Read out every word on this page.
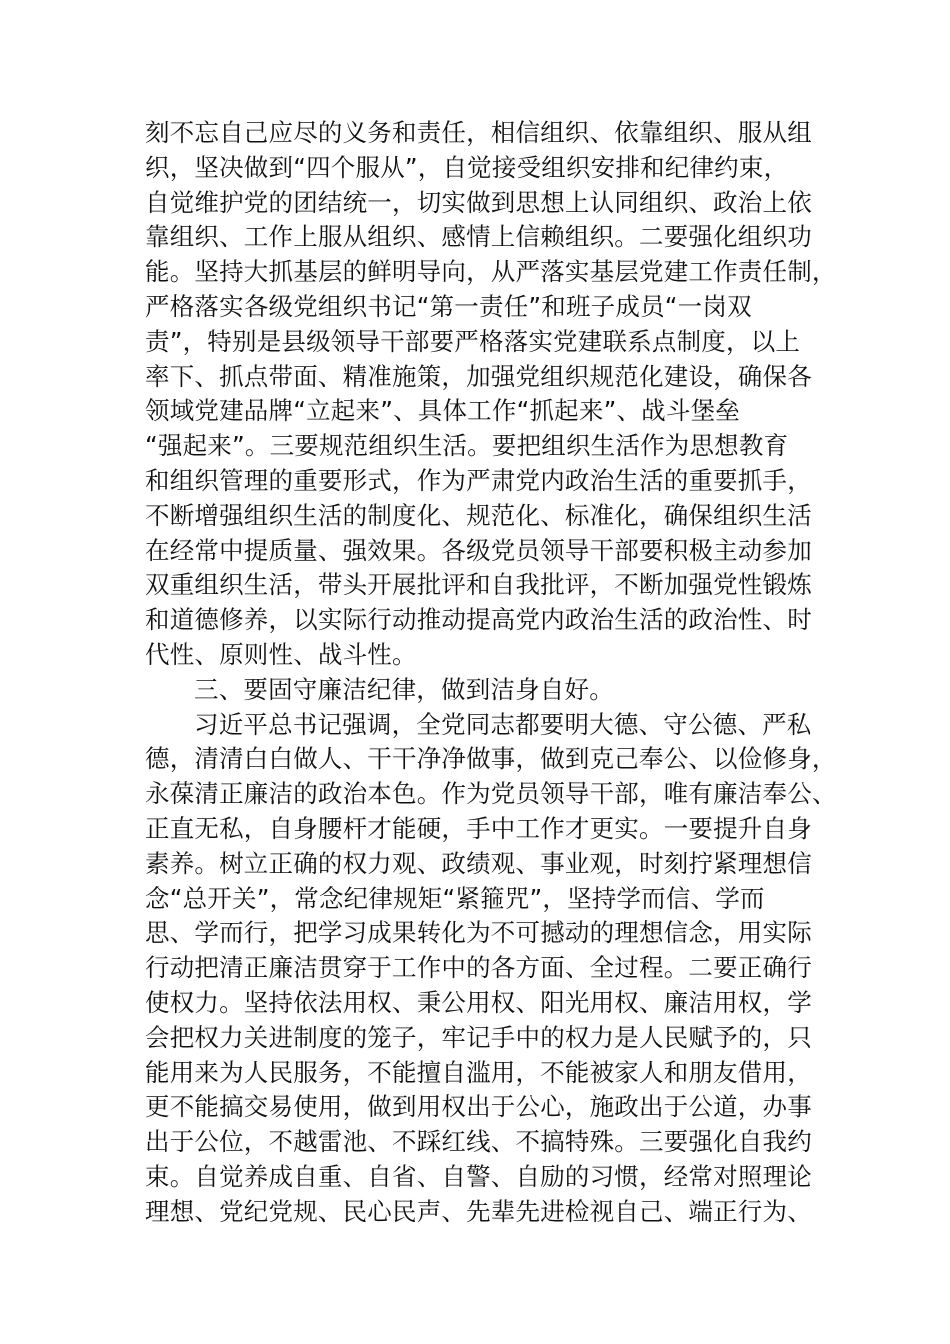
刻不忘自己应尽的义务和责任，相信组织、依靠组织、服从组
织，坚决做到“四个服从”，自觉接受组织安排和纪律约束，
自觉维护党的团结统一，切实做到思想上认同组织、政治上依
靠组织、工作上服从组织、感情上信赖组织。二要强化组织功
能。坚持大抓基层的鲜明导向，从严落实基层党建工作责任制，
严格落实各级党组织书记“第一责任”和班子成员“一岗双
责”，特别是县级领导干部要严格落实党建联系点制度，以上
率下、抓点带面、精准施策，加强党组织规范化建设，确保各
领域党建品牌“立起来”、具体工作“抓起来”、战斗堡垒
“强起来”。三要规范组织生活。要把组织生活作为思想教育
和组织管理的重要形式，作为严肃党内政治生活的重要抓手，
不断增强组织生活的制度化、规范化、标准化，确保组织生活
在经常中提质量、强效果。各级党员领导干部要积极主动参加
双重组织生活，带头开展批评和自我批评，不断加强党性锻炼
和道德修养，以实际行动推动提高党内政治生活的政治性、时
代性、原则性、战斗性。
三、要固守廉洁纪律，做到洁身自好。
习近平总书记强调，全党同志都要明大德、守公德、严私
德，清清白白做人、干干净净做事，做到克己奉公、以俭修身，
永葆清正廉洁的政治本色。作为党员领导干部，唯有廉洁奉公、
正直无私，自身腰杆才能硬，手中工作才更实。一要提升自身
素养。树立正确的权力观、政绩观、事业观，时刻拧紧理想信
念“总开关”，常念纪律规矩“紧箍咒”，坚持学而信、学而
思、学而行，把学习成果转化为不可撼动的理想信念，用实际
行动把清正廉洁贯穿于工作中的各方面、全过程。二要正确行
使权力。坚持依法用权、秉公用权、阳光用权、廉洁用权，学
会把权力关进制度的笼子，牢记手中的权力是人民赋予的，只
能用来为人民服务，不能擅自滥用，不能被家人和朋友借用，
更不能搞交易使用，做到用权出于公心，施政出于公道，办事
出于公位，不越雷池、不踩红线、不搞特殊。三要强化自我约
束。自觉养成自重、自省、自警、自励的习惯，经常对照理论
理想、党纪党规、民心民声、先辈先进检视自己、端正行为、
